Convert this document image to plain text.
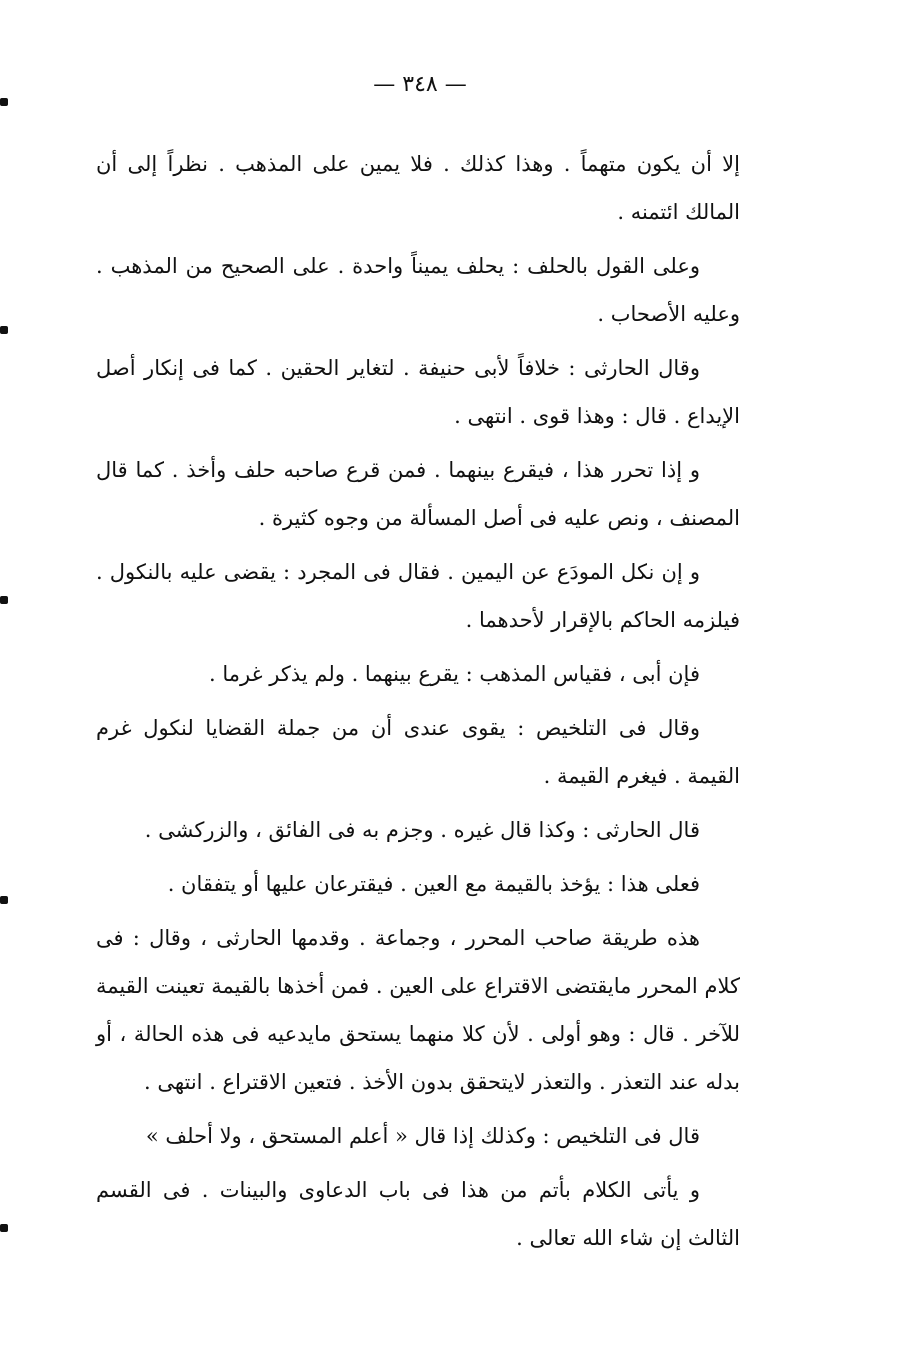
— ٣٤٨ —

إلا أن يكون متهماً . وهذا كذلك . فلا يمين على المذهب . نظراً إلى أن المالك ائتمنه .

وعلى القول بالحلف : يحلف يميناً واحدة . على الصحيح من المذهب . وعليه الأصحاب .

وقال الحارثى : خلافاً لأبى حنيفة . لتغاير الحقين . كما فى إنكار أصل الإيداع . قال : وهذا قوى . انتهى .

و إذا تحرر هذا ، فيقرع بينهما . فمن قرع صاحبه حلف وأخذ . كما قال المصنف ، ونص عليه فى أصل المسألة من وجوه كثيرة .

و إن نكل المودَع عن اليمين . فقال فى المجرد : يقضى عليه بالنكول . فيلزمه الحاكم بالإقرار لأحدهما .

فإن أبى ، فقياس المذهب : يقرع بينهما . ولم يذكر غرما .

وقال فى التلخيص : يقوى عندى أن من جملة القضايا لنكول غرم القيمة . فيغرم القيمة .

قال الحارثى : وكذا قال غيره . وجزم به فى الفائق ، والزركشى .

فعلى هذا : يؤخذ بالقيمة مع العين . فيقترعان عليها أو يتفقان .

هذه طريقة صاحب المحرر ، وجماعة . وقدمها الحارثى ، وقال : فى كلام المحرر مايقتضى الاقتراع على العين . فمن أخذها بالقيمة تعينت القيمة للآخر . قال : وهو أولى . لأن كلا منهما يستحق مايدعيه فى هذه الحالة ، أو بدله عند التعذر . والتعذر لايتحقق بدون الأخذ . فتعين الاقتراع . انتهى .

قال فى التلخيص : وكذلك إذا قال « أعلم المستحق ، ولا أحلف »

و يأتى الكلام بأتم من هذا فى باب الدعاوى والبينات . فى القسم الثالث إن شاء الله تعالى .
